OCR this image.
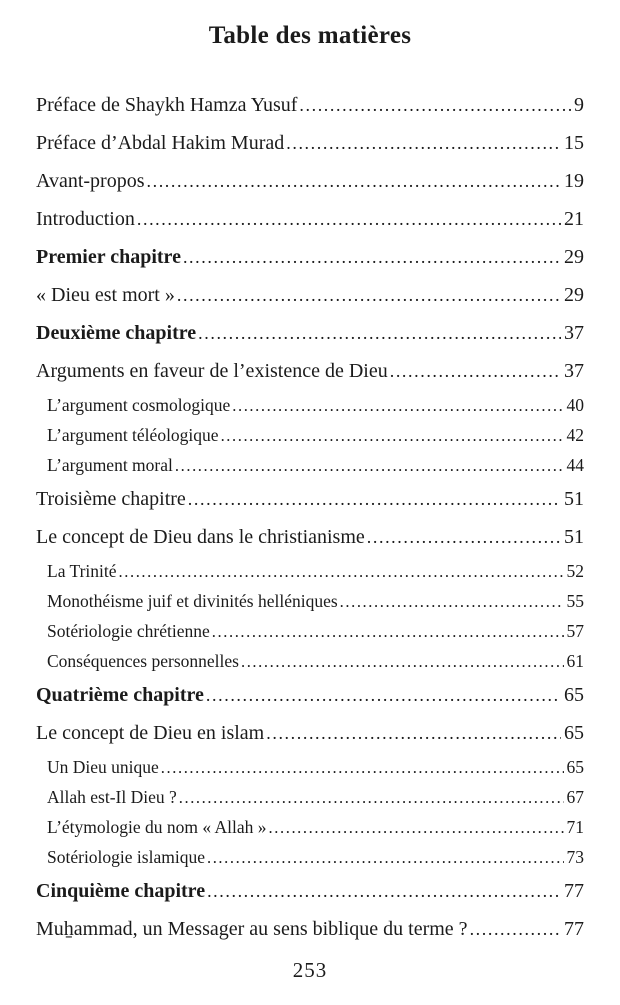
Table des matières
Préface de Shaykh Hamza Yusuf .....	9
Préface d’Abdal Hakim Murad .....	15
Avant-propos .....	19
Introduction .....	21
Premier chapitre .....	29
« Dieu est mort » .....	29
Deuxième chapitre .....	37
Arguments en faveur de l’existence de Dieu .....	37
L’argument cosmologique .....	40
L’argument téléologique .....	42
L’argument moral .....	44
Troisième chapitre .....	51
Le concept de Dieu dans le christianisme .....	51
La Trinité .....	52
Monothéisme juif et divinités helléniques .....	55
Sotériologie chrétienne .....	57
Conséquences personnelles .....	61
Quatrième chapitre .....	65
Le concept de Dieu en islam .....	65
Un Dieu unique .....	65
Allah est-Il Dieu ? .....	67
L’étymologie du nom « Allah » .....	71
Sotériologie islamique .....	73
Cinquième chapitre .....	77
Muẖammad, un Messager au sens biblique du terme ? .....	77
253
